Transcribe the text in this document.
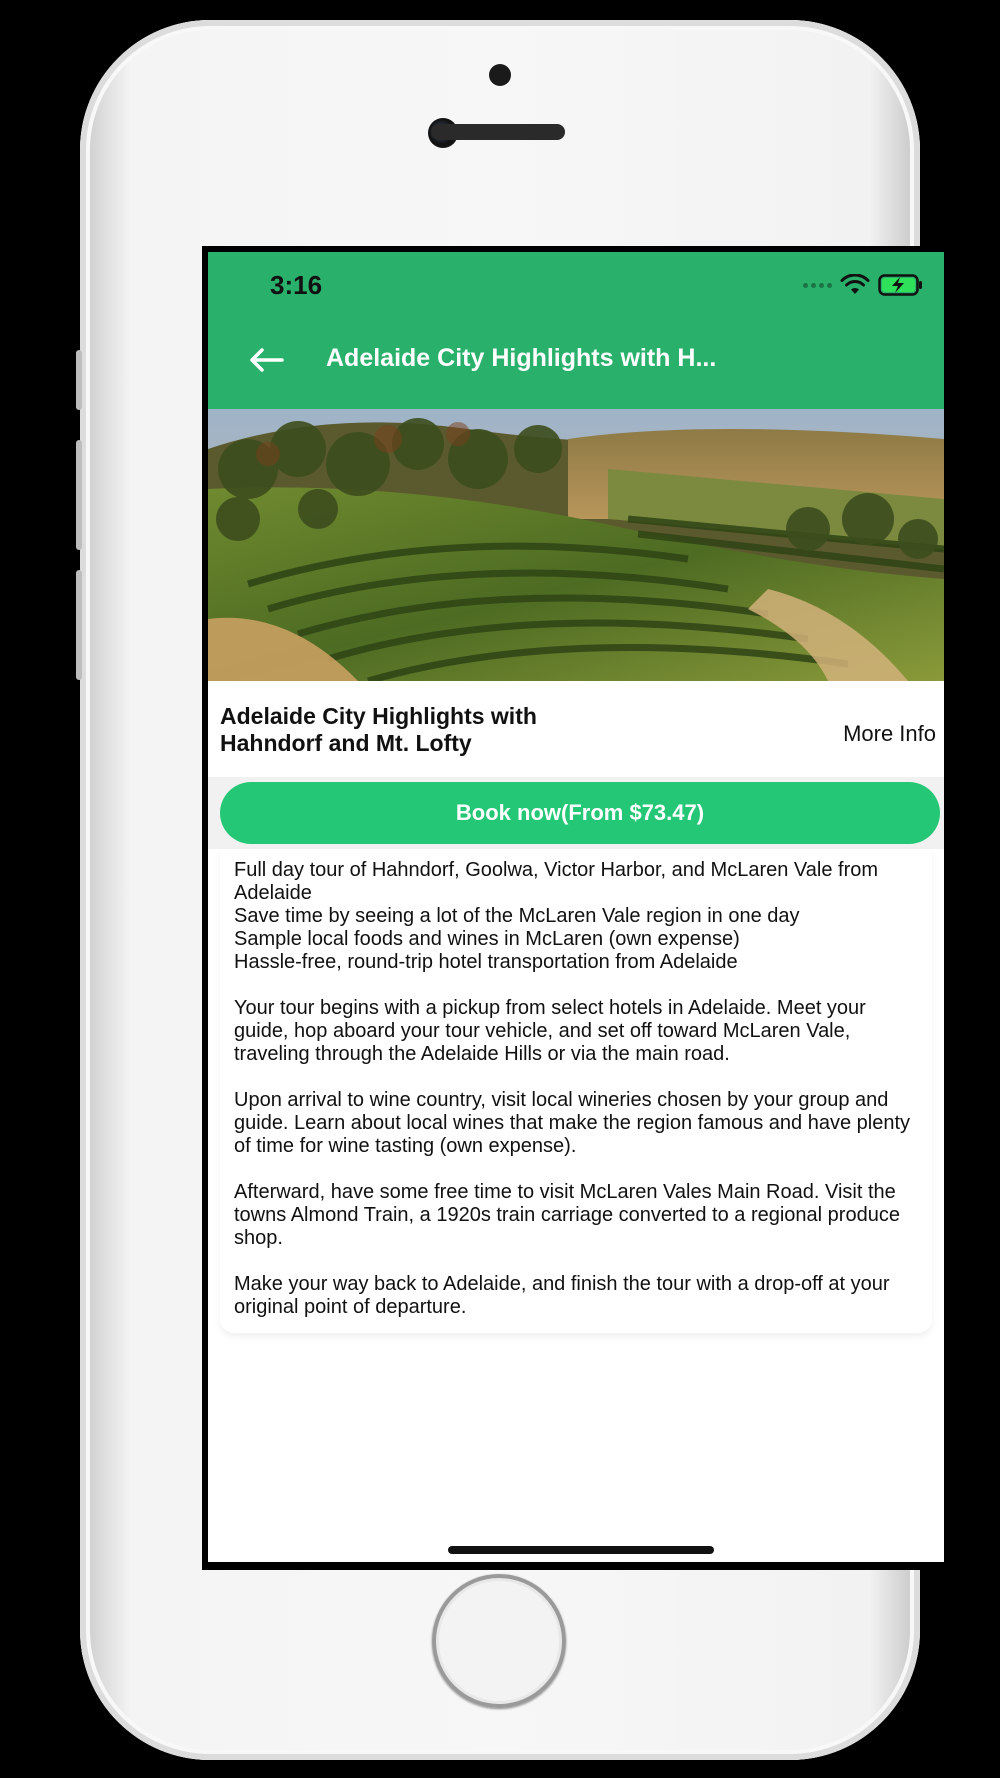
3:16
Adelaide City Highlights with H...
Adelaide City Highlights with Hahndorf and Mt. Lofty	More Info
Book now(From $73.47)

Full day tour of Hahndorf, Goolwa, Victor Harbor, and McLaren Vale from Adelaide
Save time by seeing a lot of the McLaren Vale region in one day
Sample local foods and wines in McLaren (own expense)
Hassle-free, round-trip hotel transportation from Adelaide

Your tour begins with a pickup from select hotels in Adelaide. Meet your guide, hop aboard your tour vehicle, and set off toward McLaren Vale, traveling through the Adelaide Hills or via the main road.

Upon arrival to wine country, visit local wineries chosen by your group and guide. Learn about local wines that make the region famous and have plenty of time for wine tasting (own expense).

Afterward, have some free time to visit McLaren Vales Main Road. Visit the towns Almond Train, a 1920s train carriage converted to a regional produce shop.

Make your way back to Adelaide, and finish the tour with a drop-off at your original point of departure.
